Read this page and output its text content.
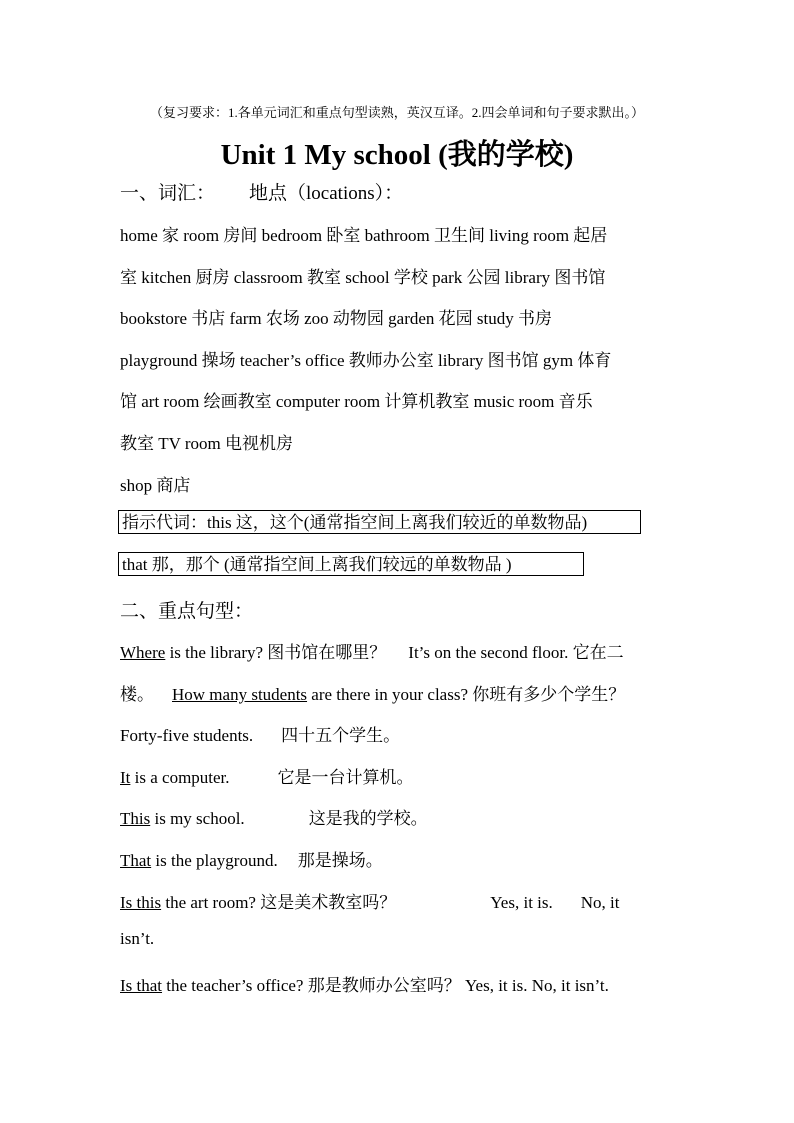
（复习要求：1.各单元词汇和重点句型读熟，英汉互译。2.四会单词和句子要求默出。）
Unit 1 My school (我的学校)
一、词汇： 地点（locations）：
home 家 room 房间 bedroom 卧室 bathroom 卫生间 living room 起居
室 kitchen 厨房 classroom 教室 school 学校 park 公园 library 图书馆
bookstore 书店 farm 农场 zoo 动物园 garden 花园 study 书房
playground 操场 teacher’s office 教师办公室 library 图书馆 gym 体育
馆 art room 绘画教室 computer room 计算机教室 music room 音乐
教室 TV room 电视机房
shop 商店
指示代词：this 这，这个(通常指空间上离我们较近的单数物品)
that 那，那个 (通常指空间上离我们较远的单数物品 )
二、重点句型：
Where is the library? 图书馆在哪里？ It’s on the second floor. 它在二
楼。 How many students are there in your class? 你班有多少个学生？
Forty-five students. 四十五个学生。
It is a computer.	它是一台计算机。
This is my school.	这是我的学校。
That is the playground. 那是操场。
Is this the art room? 这是美术教室吗？	Yes, it is. No, it
isn’t.
Is that the teacher’s office? 那是教师办公室吗？ Yes, it is. No, it isn’t.
